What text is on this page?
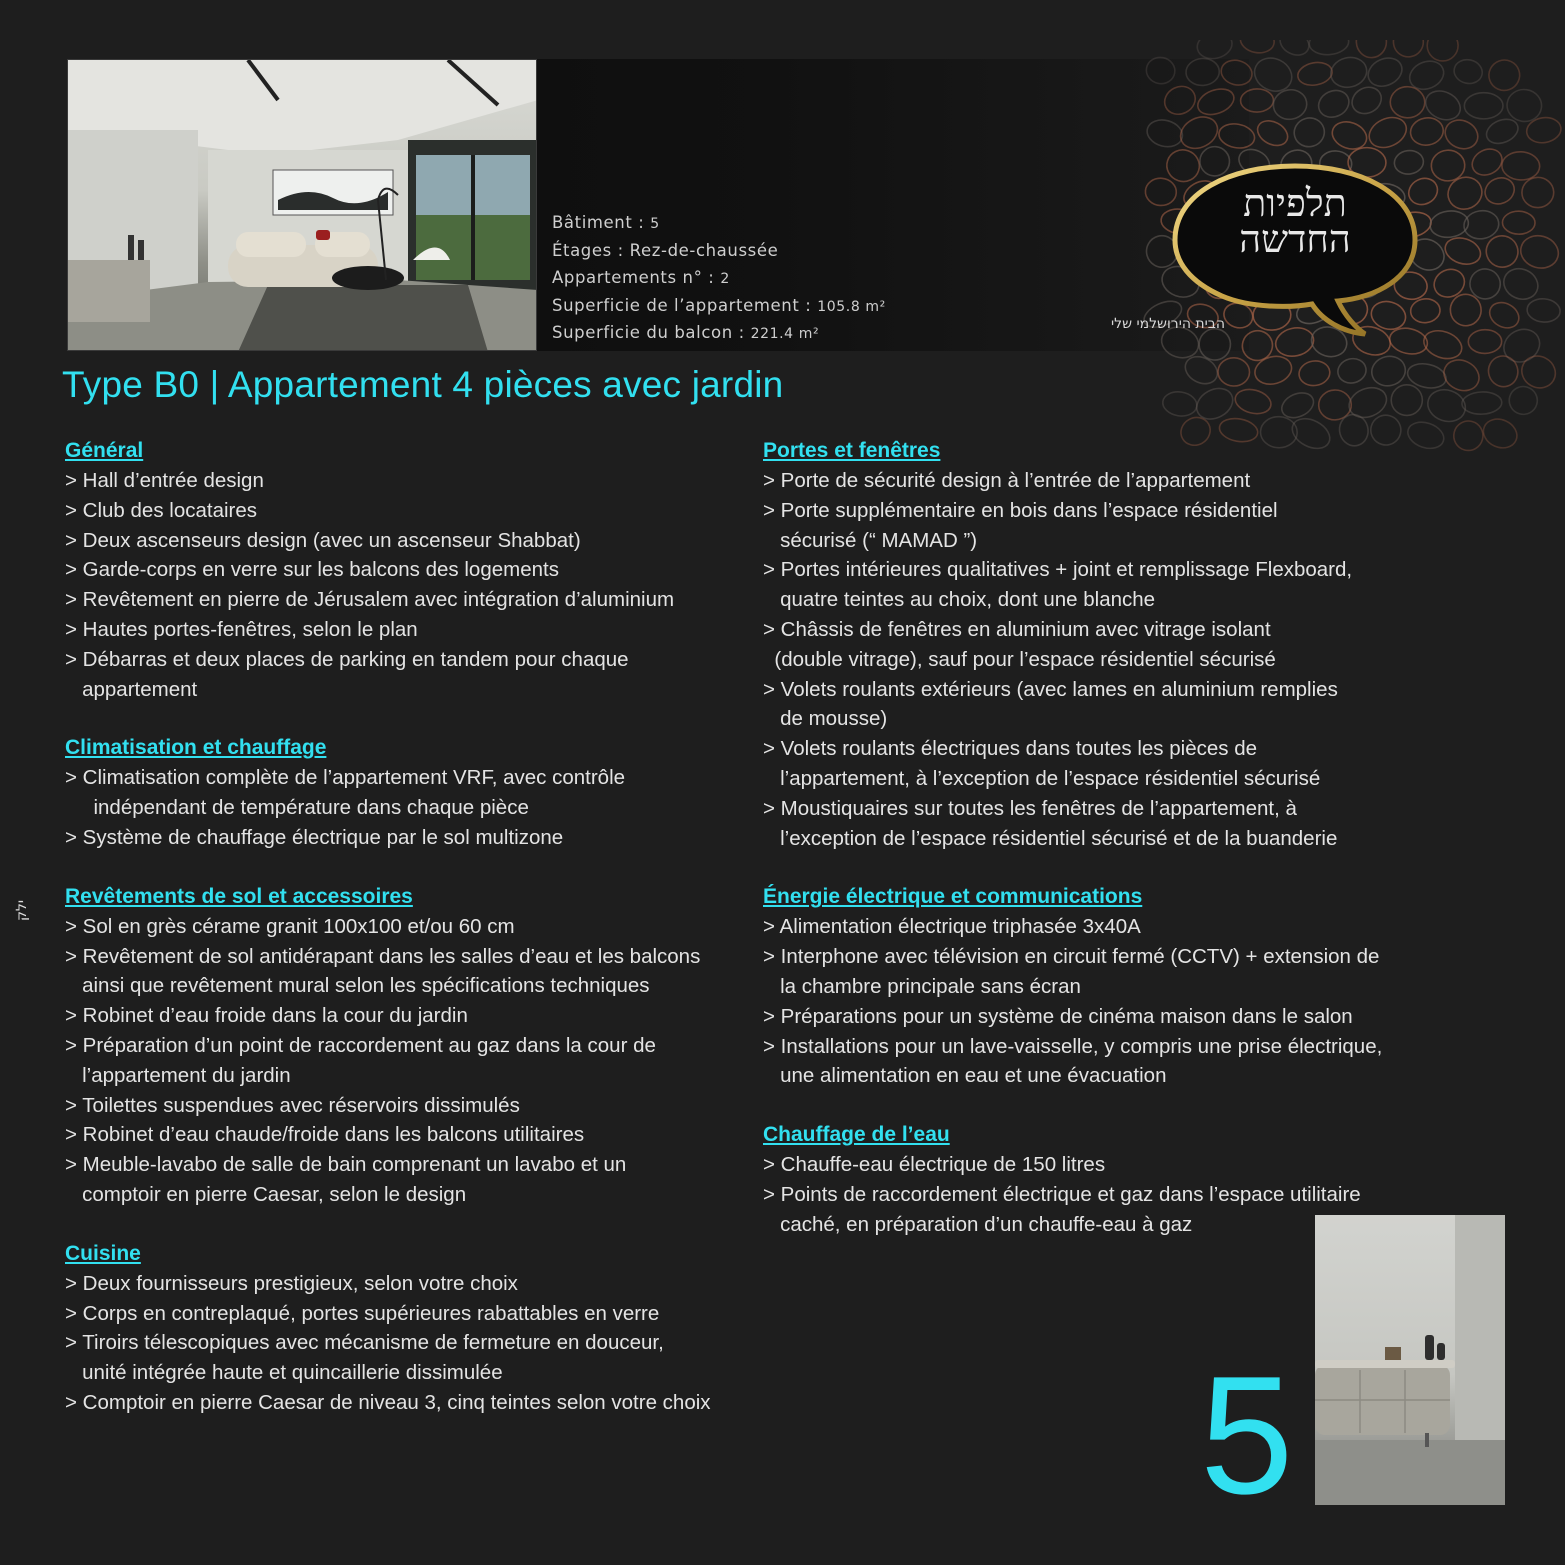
Bâtiment : 5
Étages : Rez-de-chaussée
Appartements n° : 2
Superficie de l’appartement : 105.8 m²
Superficie du balcon : 221.4 m²
תלפיות
החדשה
הבית הירושלמי שלי
Type B0 | Appartement 4 pièces avec jardin
Général
> Hall d’entrée design
> Club des locataires
> Deux ascenseurs design (avec un ascenseur Shabbat)
> Garde-corps en verre sur les balcons des logements
> Revêtement en pierre de Jérusalem avec intégration d’aluminium
> Hautes portes-fenêtres, selon le plan
> Débarras et deux places de parking en tandem pour chaque
appartement
Climatisation et chauffage
> Climatisation complète de l’appartement VRF, avec contrôle
indépendant de température dans chaque pièce
> Système de chauffage électrique par le sol multizone
Revêtements de sol et accessoires
> Sol en grès cérame granit 100x100 et/ou 60 cm
> Revêtement de sol antidérapant dans les salles d’eau et les balcons
ainsi que revêtement mural selon les spécifications techniques
> Robinet d’eau froide dans la cour du jardin
> Préparation d’un point de raccordement au gaz dans la cour de
l’appartement du jardin
> Toilettes suspendues avec réservoirs dissimulés
> Robinet d’eau chaude/froide dans les balcons utilitaires
> Meuble-lavabo de salle de bain comprenant un lavabo et un
comptoir en pierre Caesar, selon le design
Cuisine
> Deux fournisseurs prestigieux, selon votre choix
> Corps en contreplaqué, portes supérieures rabattables en verre
> Tiroirs télescopiques avec mécanisme de fermeture en douceur,
unité intégrée haute et quincaillerie dissimulée
> Comptoir en pierre Caesar de niveau 3, cinq teintes selon votre choix
Portes et fenêtres
> Porte de sécurité design à l’entrée de l’appartement
> Porte supplémentaire en bois dans l’espace résidentiel
sécurisé (“ MAMAD ”)
> Portes intérieures qualitatives + joint et remplissage Flexboard,
quatre teintes au choix, dont une blanche
> Châssis de fenêtres en aluminium avec vitrage isolant
(double vitrage), sauf pour l’espace résidentiel sécurisé
> Volets roulants extérieurs (avec lames en aluminium remplies
de mousse)
> Volets roulants électriques dans toutes les pièces de
l’appartement, à l’exception de l’espace résidentiel sécurisé
> Moustiquaires sur toutes les fenêtres de l’appartement, à
l’exception de l’espace résidentiel sécurisé et de la buanderie
Énergie électrique et communications
> Alimentation électrique triphasée 3x40A
> Interphone avec télévision en circuit fermé (CCTV) + extension de
la chambre principale sans écran
> Préparations pour un système de cinéma maison dans le salon
> Installations pour un lave-vaisselle, y compris une prise électrique,
une alimentation en eau et une évacuation
Chauffage de l’eau
> Chauffe-eau électrique de 150 litres
> Points de raccordement électrique et gaz dans l’espace utilitaire
caché, en préparation d’un chauffe-eau à gaz
ילק
5
